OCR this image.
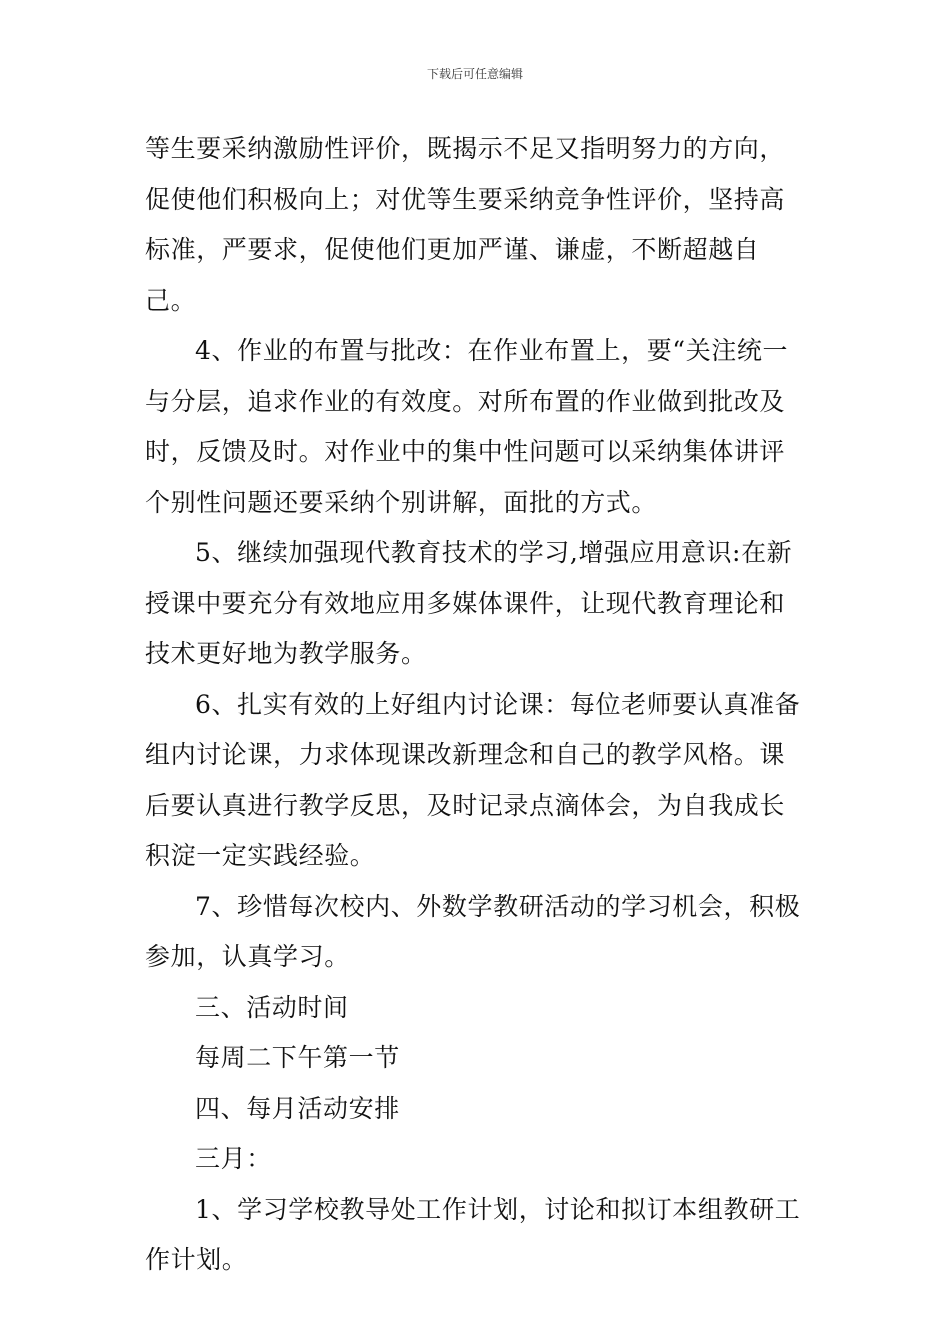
下载后可任意编辑

等生要采纳激励性评价，既揭示不足又指明努力的方向，促使他们积极向上；对优等生要采纳竞争性评价，坚持高标准，严要求，促使他们更加严谨、谦虚，不断超越自己。

4、作业的布置与批改：在作业布置上，要“关注统一与分层，追求作业的有效度。对所布置的作业做到批改及时，反馈及时。对作业中的集中性问题可以采纳集体讲评个别性问题还要采纳个别讲解，面批的方式。

5、继续加强现代教育技术的学习,增强应用意识:在新授课中要充分有效地应用多媒体课件，让现代教育理论和技术更好地为教学服务。

6、扎实有效的上好组内讨论课：每位老师要认真准备组内讨论课，力求体现课改新理念和自己的教学风格。课后要认真进行教学反思，及时记录点滴体会，为自我成长积淀一定实践经验。

7、珍惜每次校内、外数学教研活动的学习机会，积极参加，认真学习。

三、活动时间

每周二下午第一节

四、每月活动安排

三月：

1、学习学校教导处工作计划，讨论和拟订本组教研工作计划。
